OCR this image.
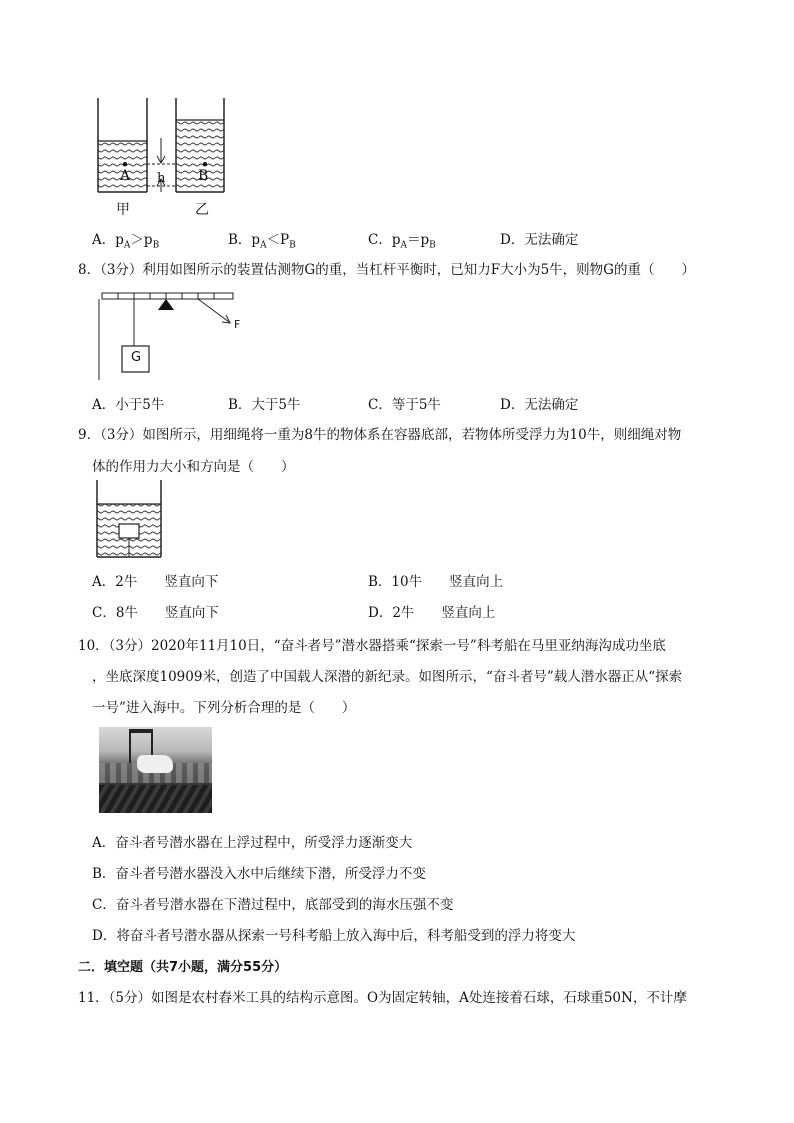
A	B
h
甲	乙
A．$p_A>p_B$	B．$p_A<P_B$	C．$p_A=p_B$	D．无法确定
8．（3分）利用如图所示的装置估测物G的重，当杠杆平衡时，已知力F大小为5牛，则物G的重（　　）
G
F
A．小于5牛	B．大于5牛	C．等于5牛	D．无法确定
9．（3分）如图所示，用细绳将一重为8牛的物体系在容器底部，若物体所受浮力为10牛，则细绳对物
体的作用力大小和方向是（　　）
A．2牛　　竖直向下	B．10牛　　竖直向上
C．8牛　　竖直向下	D．2牛　　竖直向上
10．（3分）2020年11月10日，“奋斗者号”潜水器搭乘“探索一号”科考船在马里亚纳海沟成功坐底
，坐底深度10909米，创造了中国载人深潜的新纪录。如图所示，“奋斗者号”载人潜水器正从“探索
一号”进入海中。下列分析合理的是（　　）
A．奋斗者号潜水器在上浮过程中，所受浮力逐渐变大
B．奋斗者号潜水器没入水中后继续下潜，所受浮力不变
C．奋斗者号潜水器在下潜过程中，底部受到的海水压强不变
D．将奋斗者号潜水器从探索一号科考船上放入海中后，科考船受到的浮力将变大
二．填空题（共7小题，满分55分）
11．（5分）如图是农村舂米工具的结构示意图。O为固定转轴，A处连接着石球，石球重50N，不计摩
